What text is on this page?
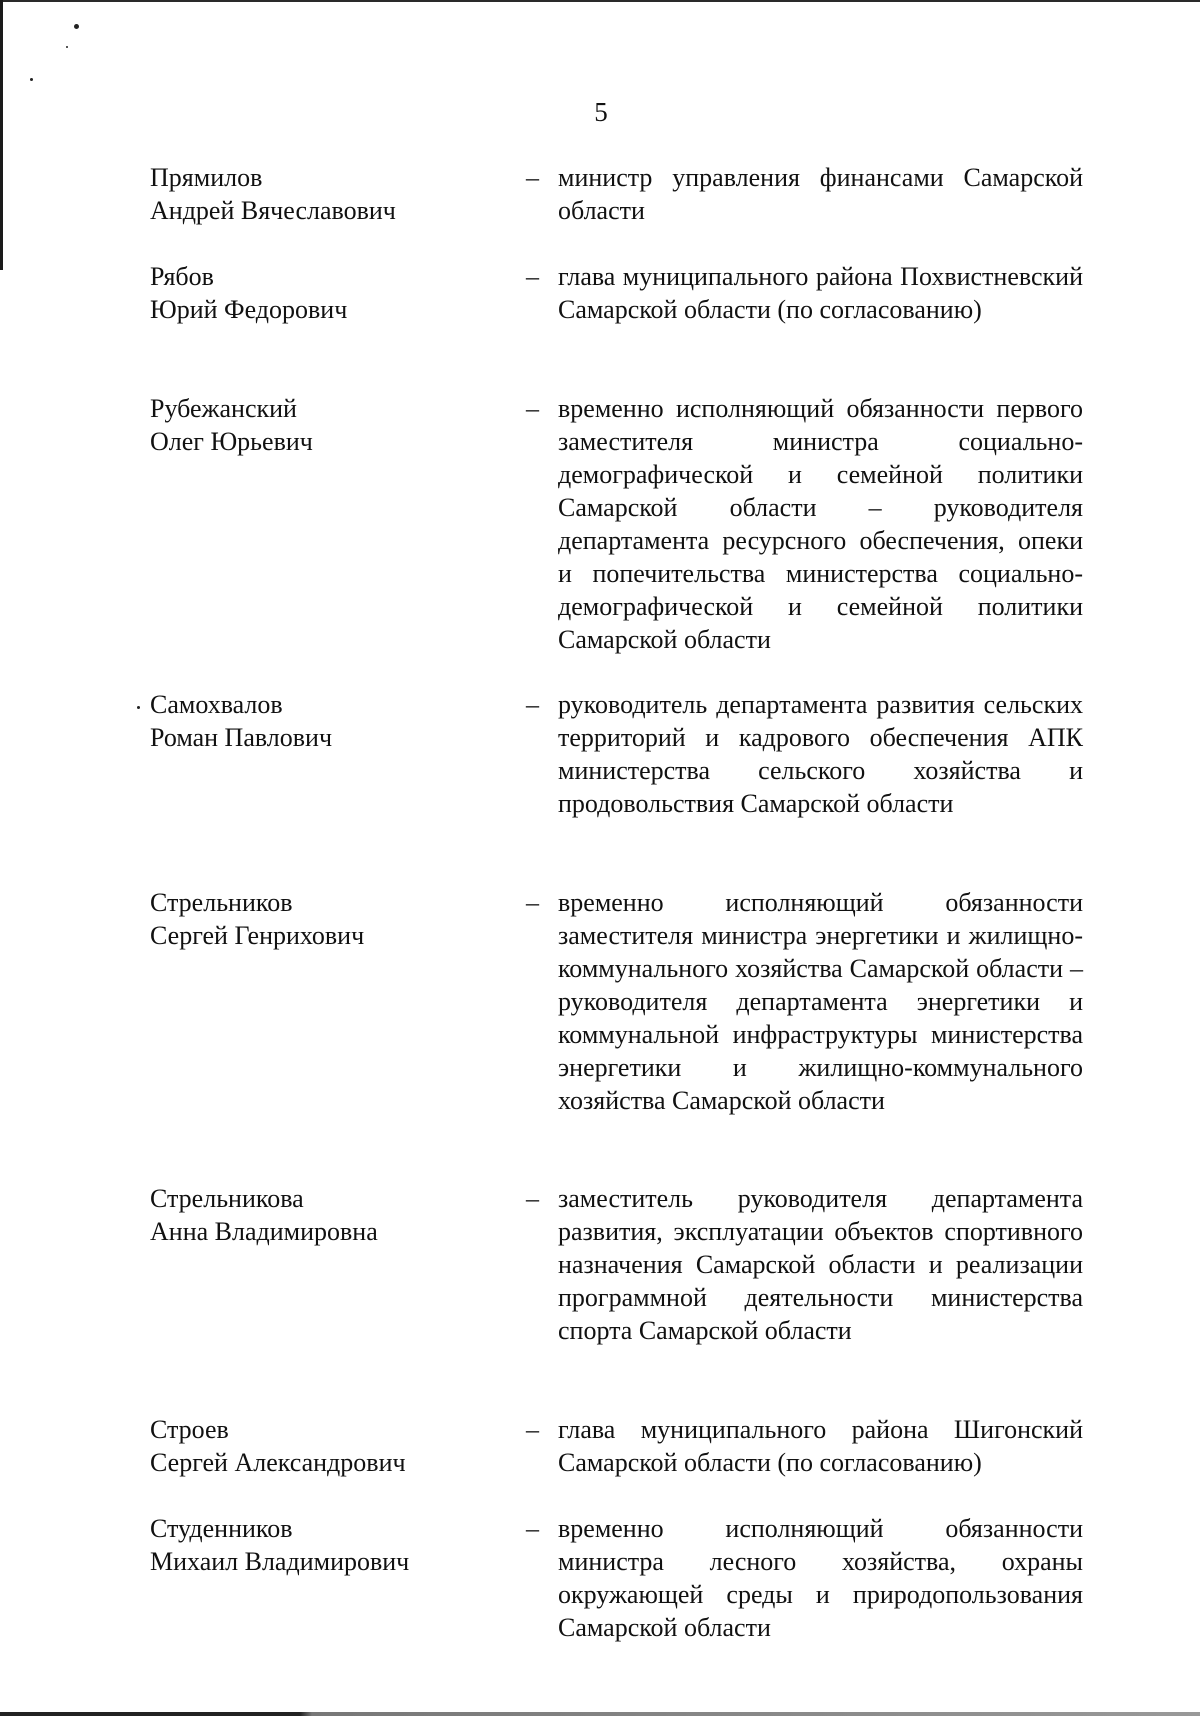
5
Прямилов
Андрей Вячеславович
– министр управления финансами Самарской области
Рябов
Юрий Федорович
– глава муниципального района Похвистневский Самарской области (по согласованию)
Рубежанский
Олег Юрьевич
– временно исполняющий обязанности первого заместителя министра социально-демографической и семейной политики Самарской области – руководителя департамента ресурсного обеспечения, опеки и попечительства министерства социально-демографической и семейной политики Самарской области
Самохвалов
Роман Павлович
– руководитель департамента развития сельских территорий и кадрового обеспечения АПК министерства сельского хозяйства и продовольствия Самарской области
Стрельников
Сергей Генрихович
– временно исполняющий обязанности заместителя министра энергетики и жилищно-коммунального хозяйства Самарской области – руководителя департамента энергетики и коммунальной инфраструктуры министерства энергетики и жилищно-коммунального хозяйства Самарской области
Стрельникова
Анна Владимировна
– заместитель руководителя департамента развития, эксплуатации объектов спортивного назначения Самарской области и реализации программной деятельности министерства спорта Самарской области
Строев
Сергей Александрович
– глава муниципального района Шигонский Самарской области (по согласованию)
Студенников
Михаил Владимирович
– временно исполняющий обязанности министра лесного хозяйства, охраны окружающей среды и природопользования Самарской области
